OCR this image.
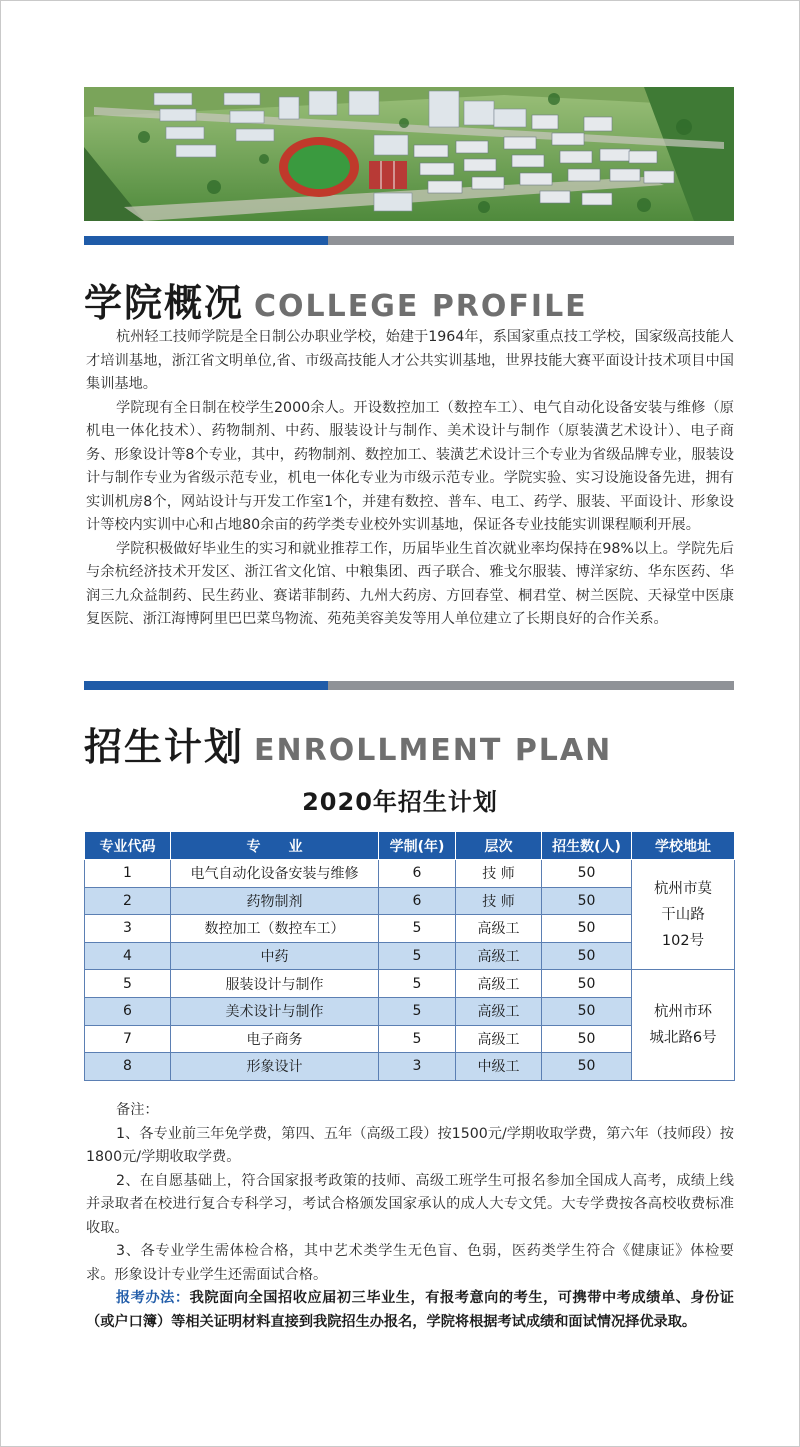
学院概况 COLLEGE PROFILE

杭州轻工技师学院是全日制公办职业学校，始建于1964年，系国家重点技工学校，国家级高技能人才培训基地，浙江省文明单位,省、市级高技能人才公共实训基地，世界技能大赛平面设计技术项目中国集训基地。

学院现有全日制在校学生2000余人。开设数控加工（数控车工）、电气自动化设备安装与维修（原机电一体化技术）、药物制剂、中药、服装设计与制作、美术设计与制作（原装潢艺术设计）、电子商务、形象设计等8个专业，其中，药物制剂、数控加工、装潢艺术设计三个专业为省级品牌专业，服装设计与制作专业为省级示范专业，机电一体化专业为市级示范专业。学院实验、实习设施设备先进，拥有实训机房8个，网站设计与开发工作室1个，并建有数控、普车、电工、药学、服装、平面设计、形象设计等校内实训中心和占地80余亩的药学类专业校外实训基地，保证各专业技能实训课程顺利开展。

学院积极做好毕业生的实习和就业推荐工作，历届毕业生首次就业率均保持在98%以上。学院先后与余杭经济技术开发区、浙江省文化馆、中粮集团、西子联合、雅戈尔服装、博洋家纺、华东医药、华润三九众益制药、民生药业、赛诺菲制药、九州大药房、方回春堂、桐君堂、树兰医院、天禄堂中医康复医院、浙江海博阿里巴巴菜鸟物流、苑苑美容美发等用人单位建立了长期良好的合作关系。

招生计划 ENROLLMENT PLAN
2020年招生计划
专业代码	专　　业	学制(年)	层次	招生数(人)	学校地址
1	电气自动化设备安装与维修	6	技 师	50	杭州市莫干山路102号
2	药物制剂	6	技 师	50	
3	数控加工（数控车工）	5	高级工	50	
4	中药	5	高级工	50	
5	服装设计与制作	5	高级工	50	杭州市环城北路6号
6	美术设计与制作	5	高级工	50	
7	电子商务	5	高级工	50	
8	形象设计	3	中级工	50	

备注：

1、各专业前三年免学费，第四、五年（高级工段）按1500元/学期收取学费，第六年（技师段）按1800元/学期收取学费。

2、在自愿基础上，符合国家报考政策的技师、高级工班学生可报名参加全国成人高考，成绩上线并录取者在校进行复合专科学习，考试合格颁发国家承认的成人大专文凭。大专学费按各高校收费标准收取。

3、各专业学生需体检合格，其中艺术类学生无色盲、色弱，医药类学生符合《健康证》体检要求。形象设计专业学生还需面试合格。

报考办法：我院面向全国招收应届初三毕业生，有报考意向的考生，可携带中考成绩单、身份证（或户口簿）等相关证明材料直接到我院招生办报名，学院将根据考试成绩和面试情况择优录取。
